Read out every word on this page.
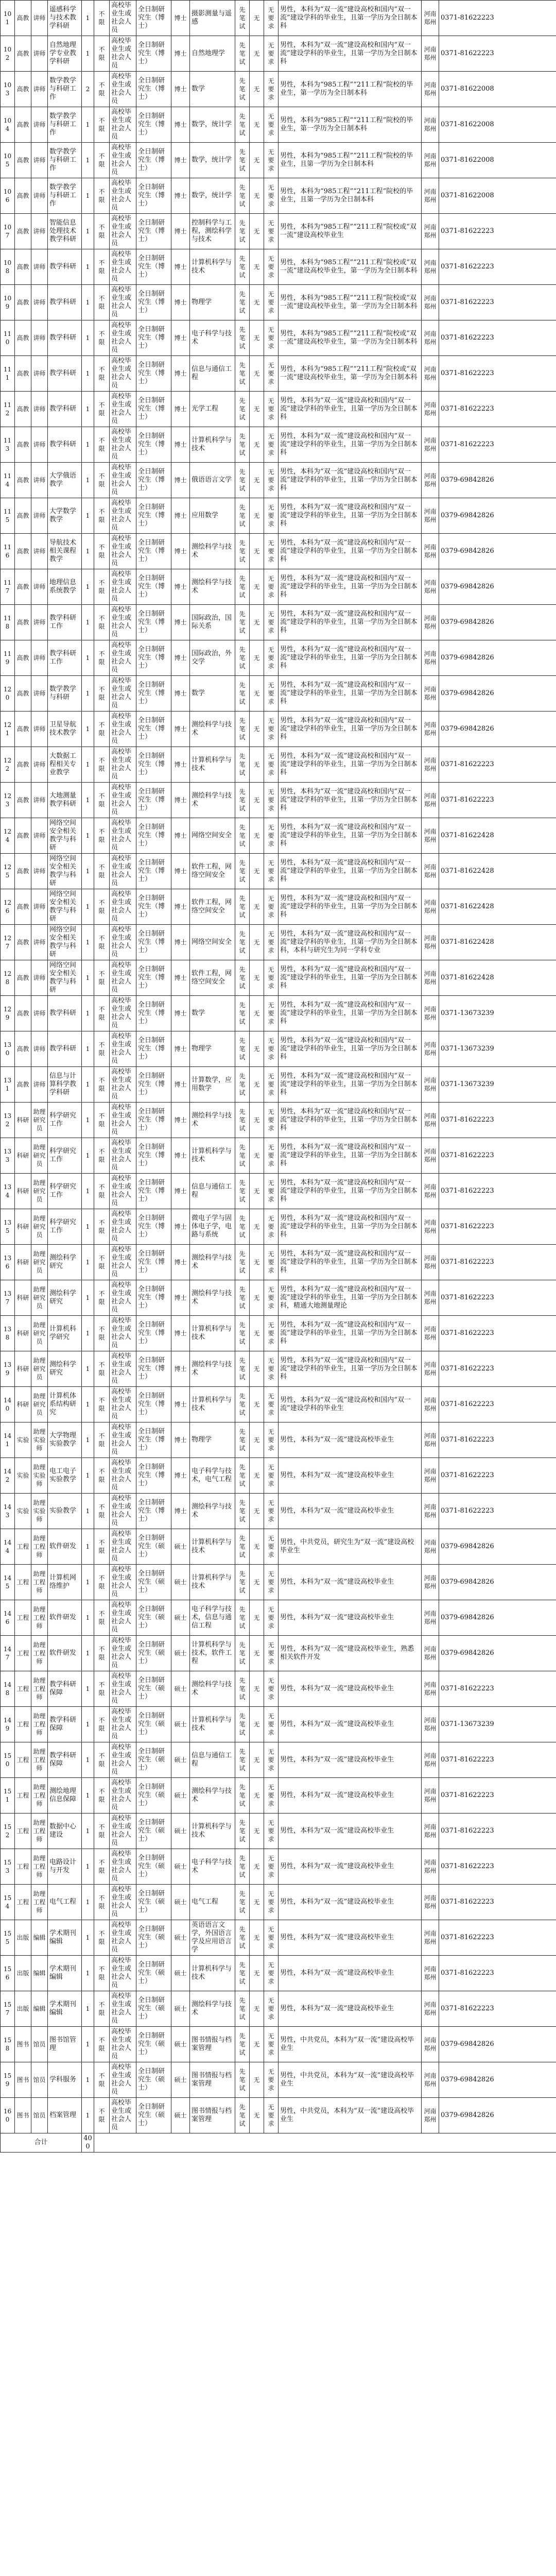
101	高教	讲师	遥感科学与技术教学科研	1	不限	高校毕业生或社会人员	全日制研究生（博士）	博士	摄影测量与遥感	先笔试	无	无要求	男性，本科为“双一流”建设高校和国内“双一流”建设学科的毕业生，且第一学历为全日制本科	河南郑州	0371-81622223
102	高教	讲师	自然地理学专业教学科研	1	不限	高校毕业生或社会人员	全日制研究生（博士）	博士	自然地理学	先笔试	无	无要求	男性，本科为“双一流”建设高校和国内“双一流”建设学科的毕业生，且第一学历为全日制本科	河南郑州	0371-81622223
103	高教	讲师	数学教学与科研工作	2	不限	高校毕业生或社会人员	全日制研究生（博士）	博士	数学	先笔试	无	无要求	男性，本科为“985工程”“211工程”院校的毕业生，第一学历为全日制本科	河南郑州	0371-81622008
104	高教	讲师	数学教学与科研工作	1	不限	高校毕业生或社会人员	全日制研究生（博士）	博士	数学，统计学	先笔试	无	无要求	男性，本科为“985工程”“211工程”院校的毕业生，第一学历为全日制本科	河南郑州	0371-81622008
105	高教	讲师	数学教学与科研工作	1	不限	高校毕业生或社会人员	全日制研究生（博士）	博士	数学，统计学	先笔试	无	无要求	男性，本科为“985工程”“211工程”院校的毕业生，且第一学历为全日制本科	河南郑州	0371-81622008
106	高教	讲师	数学教学与科研工作	1	不限	高校毕业生或社会人员	全日制研究生（博士）	博士	数学，统计学	先笔试	无	无要求	男性，本科为“985工程”“211工程”院校的毕业生，且第一学历为全日制本科	河南郑州	0371-81622008
107	高教	讲师	智能信息处理技术教学科研	1	不限	高校毕业生或社会人员	全日制研究生（博士）	博士	控制科学与工程，测绘科学与技术	先笔试	无	无要求	男性，本科为“985工程”“211工程”院校或“双一流”建设高校毕业生	河南郑州	0371-81622223
108	高教	讲师	教学科研	1	不限	高校毕业生或社会人员	全日制研究生（博士）	博士	计算机科学与技术	先笔试	无	无要求	男性，本科为“985工程”“211工程”院校或“双一流”建设高校毕业生，第一学历为全日制本科	河南郑州	0371-81622223
109	高教	讲师	教学科研	1	不限	高校毕业生或社会人员	全日制研究生（博士）	博士	物理学	先笔试	无	无要求	男性，本科为“985工程”“211工程”院校或“双一流”建设高校毕业生，第一学历为全日制本科	河南郑州	0371-81622223
110	高教	讲师	教学科研	1	不限	高校毕业生或社会人员	全日制研究生（博士）	博士	电子科学与技术	先笔试	无	无要求	男性，本科为“985工程”“211工程”院校或“双一流”建设高校毕业生，第一学历为全日制本科	河南郑州	0371-81622223
111	高教	讲师	教学科研	1	不限	高校毕业生或社会人员	全日制研究生（博士）	博士	信息与通信工程	先笔试	无	无要求	男性，本科为“985工程”“211工程”院校或“双一流”建设高校毕业生，第一学历为全日制本科	河南郑州	0371-81622223
112	高教	讲师	教学科研	1	不限	高校毕业生或社会人员	全日制研究生（博士）	博士	光学工程	先笔试	无	无要求	男性，本科为“双一流”建设高校和国内“双一流”建设学科的毕业生，且第一学历为全日制本科	河南郑州	0371-81622223
113	高教	讲师	教学科研	1	不限	高校毕业生或社会人员	全日制研究生（博士）	博士	计算机科学与技术	先笔试	无	无要求	男性，本科为“双一流”建设高校和国内“双一流”建设学科的毕业生，且第一学历为全日制本科	河南郑州	0371-81622223
114	高教	讲师	大学俄语教学	1	不限	高校毕业生或社会人员	全日制研究生（博士）	博士	俄语语言文学	先笔试	无	无要求	男性，本科为“双一流”建设高校和国内“双一流”建设学科的毕业生，且第一学历为全日制本科	河南郑州	0379-69842826
115	高教	讲师	大学数学教学	1	不限	高校毕业生或社会人员	全日制研究生（博士）	博士	应用数学	先笔试	无	无要求	男性，本科为“双一流”建设高校和国内“双一流”建设学科的毕业生，且第一学历为全日制本科	河南郑州	0379-69842826
116	高教	讲师	导航技术相关课程教学	1	不限	高校毕业生或社会人员	全日制研究生（博士）	博士	测绘科学与技术	先笔试	无	无要求	男性，本科为“双一流”建设高校和国内“双一流”建设学科的毕业生，且第一学历为全日制本科	河南郑州	0379-69842826
117	高教	讲师	地理信息系统教学	1	不限	高校毕业生或社会人员	全日制研究生（博士）	博士	测绘科学与技术	先笔试	无	无要求	男性，本科为“双一流”建设高校和国内“双一流”建设学科的毕业生，且第一学历为全日制本科	河南郑州	0379-69842826
118	高教	讲师	教学科研工作	1	不限	高校毕业生或社会人员	全日制研究生（博士）	博士	国际政治，国际关系	先笔试	无	无要求	男性，本科为“双一流”建设高校和国内“双一流”建设学科的毕业生，且第一学历为全日制本科	河南郑州	0379-69842826
119	高教	讲师	教学科研工作	1	不限	高校毕业生或社会人员	全日制研究生（博士）	博士	国际政治，外交学	先笔试	无	无要求	男性，本科为“双一流”建设高校和国内“双一流”建设学科的毕业生，且第一学历为全日制本科	河南郑州	0379-69842826
120	高教	讲师	数学教学与科研	1	不限	高校毕业生或社会人员	全日制研究生（博士）	博士	数学	先笔试	无	无要求	男性，本科为“双一流”建设高校和国内“双一流”建设学科的毕业生，且第一学历为全日制本科	河南郑州	0379-69842826
121	高教	讲师	卫星导航技术教学	1	不限	高校毕业生或社会人员	全日制研究生（博士）	博士	测绘科学与技术	先笔试	无	无要求	男性，本科为“双一流”建设高校和国内“双一流”建设学科的毕业生，且第一学历为全日制本科	河南郑州	0379-69842826
122	高教	讲师	大数据工程相关专业教学	1	不限	高校毕业生或社会人员	全日制研究生（博士）	博士	计算机科学与技术	先笔试	无	无要求	男性，本科为“双一流”建设高校和国内“双一流”建设学科的毕业生，且第一学历为全日制本科	河南郑州	0371-81622223
123	高教	讲师	大地测量教学科研	1	不限	高校毕业生或社会人员	全日制研究生（博士）	博士	测绘科学与技术	先笔试	无	无要求	男性，本科为“双一流”建设高校和国内“双一流”建设学科的毕业生，且第一学历为全日制本科	河南郑州	0371-81622223
124	高教	讲师	网络空间安全相关教学与科研	1	不限	高校毕业生或社会人员	全日制研究生（博士）	博士	网络空间安全	先笔试	无	无要求	男性，本科为“双一流”建设高校和国内“双一流”建设学科的毕业生，且第一学历为全日制本科	河南郑州	0371-81622428
125	高教	讲师	网络空间安全相关教学与科研	1	不限	高校毕业生或社会人员	全日制研究生（博士）	博士	软件工程，网络空间安全	先笔试	无	无要求	男性，本科为“双一流”建设高校和国内“双一流”建设学科的毕业生，且第一学历为全日制本科	河南郑州	0371-81622428
126	高教	讲师	网络空间安全相关教学与科研	1	不限	高校毕业生或社会人员	全日制研究生（博士）	博士	软件工程，网络空间安全	先笔试	无	无要求	男性，本科为“双一流”建设高校和国内“双一流”建设学科的毕业生，且第一学历为全日制本科	河南郑州	0371-81622428
127	高教	讲师	网络空间安全相关教学与科研	1	不限	高校毕业生或社会人员	全日制研究生（博士）	博士	网络空间安全	先笔试	无	无要求	男性，本科为“双一流”建设高校和国内“双一流”建设学科的毕业生，且第一学历为全日制本科，本科与研究生为同一学科专业	河南郑州	0371-81622428
128	高教	讲师	网络空间安全相关教学与科研	1	不限	高校毕业生或社会人员	全日制研究生（博士）	博士	软件工程，网络空间安全	先笔试	无	无要求	男性，本科为“双一流”建设高校和国内“双一流”建设学科的毕业生，且第一学历为全日制本科	河南郑州	0371-81622428
129	高教	讲师	教学科研	1	不限	高校毕业生或社会人员	全日制研究生（博士）	博士	数学	先笔试	无	无要求	男性，本科为“双一流”建设高校和国内“双一流”建设学科的毕业生，且第一学历为全日制本科	河南郑州	0371-13673239
130	高教	讲师	教学科研	1	不限	高校毕业生或社会人员	全日制研究生（博士）	博士	物理学	先笔试	无	无要求	男性，本科为“双一流”建设高校和国内“双一流”建设学科的毕业生，且第一学历为全日制本科	河南郑州	0371-13673239
131	高教	讲师	信息与计算科学教学科研	1	不限	高校毕业生或社会人员	全日制研究生（博士）	博士	计算数学，应用数学	先笔试	无	无要求	男性，本科为“双一流”建设高校和国内“双一流”建设学科的毕业生，且第一学历为全日制本科	河南郑州	0371-13673239
132	科研	助理研究员	科学研究工作	1	不限	高校毕业生或社会人员	全日制研究生（博士）	博士	测绘科学与技术	先笔试	无	无要求	男性，本科为“双一流”建设高校和国内“双一流”建设学科的毕业生，且第一学历为全日制本科	河南郑州	0371-81622223
133	科研	助理研究员	科学研究工作	1	不限	高校毕业生或社会人员	全日制研究生（博士）	博士	计算机科学与技术	先笔试	无	无要求	男性，本科为“双一流”建设高校和国内“双一流”建设学科的毕业生，且第一学历为全日制本科	河南郑州	0371-81622223
134	科研	助理研究员	科学研究工作	1	不限	高校毕业生或社会人员	全日制研究生（博士）	博士	信息与通信工程	先笔试	无	无要求	男性，本科为“双一流”建设高校和国内“双一流”建设学科的毕业生，且第一学历为全日制本科	河南郑州	0371-81622223
135	科研	助理研究员	科学研究工作	1	不限	高校毕业生或社会人员	全日制研究生（博士）	博士	微电子学与固体电子学，电路与系统	先笔试	无	无要求	男性，本科为“双一流”建设高校和国内“双一流”建设学科的毕业生，且第一学历为全日制本科	河南郑州	0371-81622223
136	科研	助理研究员	测绘科学研究	1	不限	高校毕业生或社会人员	全日制研究生（博士）	博士	测绘科学与技术	先笔试	无	无要求	男性，本科为“双一流”建设高校和国内“双一流”建设学科的毕业生，且第一学历为全日制本科	河南郑州	0371-81622223
137	科研	助理研究员	测绘科学研究	1	不限	高校毕业生或社会人员	全日制研究生（博士）	博士	测绘科学与技术	先笔试	无	无要求	男性，本科为“双一流”建设高校和国内“双一流”建设学科的毕业生，且第一学历为全日制本科，精通大地测量理论	河南郑州	0371-81622223
138	科研	助理研究员	计算机科学研究	1	不限	高校毕业生或社会人员	全日制研究生（博士）	博士	计算机科学与技术	先笔试	无	无要求	男性，本科为“双一流”建设高校和国内“双一流”建设学科的毕业生，且第一学历为全日制本科	河南郑州	0371-81622223
139	科研	助理研究员	测绘科学研究	1	不限	高校毕业生或社会人员	全日制研究生（博士）	博士	测绘科学与技术	先笔试	无	无要求	男性，本科为“双一流”建设高校和国内“双一流”建设学科的毕业生，且第一学历为全日制本科	河南郑州	0371-81622223
140	科研	助理研究员	计算机体系结构研究	1	不限	高校毕业生或社会人员	全日制研究生（博士）	博士	计算机科学与技术	先笔试	无	无要求	男性，本科为“双一流”建设高校和国内“双一流”建设学科的毕业生	河南郑州	0371-81622223
141	实验	助理实验师	大学物理实验教学	1	不限	高校毕业生或社会人员	全日制研究生（博士）	博士	物理学	先笔试	无	无要求	男性，本科为“双一流”建设高校毕业生	河南郑州	0371-81622223
142	实验	助理实验师	电工电子实验教学	1	不限	高校毕业生或社会人员	全日制研究生（博士）	博士	电子科学与技术，电气工程	先笔试	无	无要求	男性，本科为“双一流”建设高校毕业生	河南郑州	0371-81622223
143	实验	助理实验师	实验教学	1	不限	高校毕业生或社会人员	全日制研究生（博士）	博士	测绘科学与技术	先笔试	无	无要求	男性，本科为“双一流”建设高校毕业生	河南郑州	0371-81622223
144	工程	助理工程师	软件研发	1	不限	高校毕业生或社会人员	全日制研究生（硕士）	硕士	计算机科学与技术	先笔试	无	无要求	男性，中共党员，研究生为“双一流”建设高校毕业生	河南郑州	0379-69842826
145	工程	助理工程师	计算机网络维护	1	不限	高校毕业生或社会人员	全日制研究生（硕士）	硕士	计算机科学与技术	先笔试	无	无要求	男性，本科为“双一流”建设高校毕业生	河南郑州	0379-69842826
146	工程	助理工程师	软件研发	1	不限	高校毕业生或社会人员	全日制研究生（硕士）	硕士	电子科学与技术，信息与通信工程	先笔试	无	无要求	男性，本科为“双一流”建设高校毕业生	河南郑州	0379-69842826
147	工程	助理工程师	软件研发	1	不限	高校毕业生或社会人员	全日制研究生（硕士）	硕士	计算机科学与技术，软件工程	先笔试	无	无要求	男性，本科为“双一流”建设高校毕业生，熟悉相关软件开发	河南郑州	0379-69842826
148	工程	助理工程师	教学科研保障	1	不限	高校毕业生或社会人员	全日制研究生（硕士）	硕士	测绘科学与技术	先笔试	无	无要求	男性，本科为“双一流”建设高校毕业生	河南郑州	0371-81622223
149	工程	助理工程师	教学科研保障	1	不限	高校毕业生或社会人员	全日制研究生（硕士）	硕士	计算机科学与技术	先笔试	无	无要求	男性，本科为“双一流”建设高校毕业生	河南郑州	0371-13673239
150	工程	助理工程师	教学科研保障	1	不限	高校毕业生或社会人员	全日制研究生（硕士）	硕士	信息与通信工程	先笔试	无	无要求	男性，本科为“双一流”建设高校毕业生	河南郑州	0371-81622223
151	工程	助理工程师	测绘地理信息保障	1	不限	高校毕业生或社会人员	全日制研究生（硕士）	硕士	测绘科学与技术	先笔试	无	无要求	男性，本科为“双一流”建设高校毕业生	河南郑州	0371-81622223
152	工程	助理工程师	数据中心建设	1	不限	高校毕业生或社会人员	全日制研究生（硕士）	硕士	计算机科学与技术	先笔试	无	无要求	男性，本科为“双一流”建设高校毕业生	河南郑州	0371-81622223
153	工程	助理工程师	电路设计与开发	1	不限	高校毕业生或社会人员	全日制研究生（硕士）	硕士	电子科学与技术	先笔试	无	无要求	男性，本科为“双一流”建设高校毕业生	河南郑州	0371-81622223
154	工程	助理工程师	电气工程	1	不限	高校毕业生或社会人员	全日制研究生（硕士）	硕士	电气工程	先笔试	无	无要求	男性，本科为“双一流”建设高校毕业生	河南郑州	0371-81622223
155	出版	编辑	学术期刊编辑	1	不限	高校毕业生或社会人员	全日制研究生（硕士）	硕士	英语语言文学，外国语言学及应用语言学	先笔试	无	无要求	男性，本科为“双一流”建设高校毕业生	河南郑州	0371-81622223
156	出版	编辑	学术期刊编辑	1	不限	高校毕业生或社会人员	全日制研究生（硕士）	硕士	计算机科学与技术	先笔试	无	无要求	男性，本科为“双一流”建设高校毕业生	河南郑州	0371-81622223
157	出版	编辑	学术期刊编辑	1	不限	高校毕业生或社会人员	全日制研究生（硕士）	硕士	测绘科学与技术	先笔试	无	无要求	男性，本科为“双一流”建设高校毕业生	河南郑州	0371-81622223
158	图书	馆员	图书馆管理	1	不限	高校毕业生或社会人员	全日制研究生（硕士）	硕士	图书情报与档案管理	先笔试	无	无要求	男性，中共党员，本科为“双一流”建设高校毕业生	河南郑州	0379-69842826
159	图书	馆员	学科服务	1	不限	高校毕业生或社会人员	全日制研究生（硕士）	硕士	图书情报与档案管理	先笔试	无	无要求	男性，中共党员，本科为“双一流”建设高校毕业生	河南郑州	0379-69842826
160	图书	馆员	档案管理	1	不限	高校毕业生或社会人员	全日制研究生（硕士）	硕士	图书情报与档案管理	先笔试	无	无要求	男性，中共党员，本科为“双一流”建设高校毕业生	河南郑州	0379-69842826
合计				400											
